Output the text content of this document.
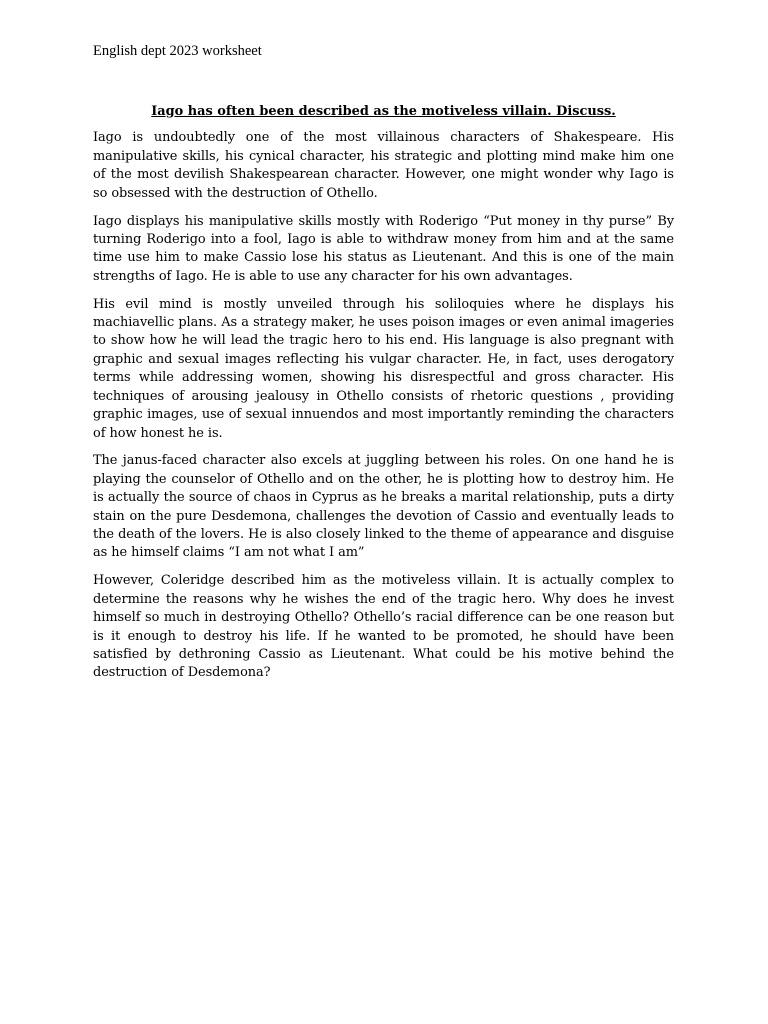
English dept 2023 worksheet
Iago has often been described as the motiveless villain. Discuss.

Iago is undoubtedly one of the most villainous characters of Shakespeare. His manipulative skills, his cynical character, his strategic and plotting mind make him one of the most devilish Shakespearean character. However, one might wonder why Iago is so obsessed with the destruction of Othello.

Iago displays his manipulative skills mostly with Roderigo “Put money in thy purse” By turning Roderigo into a fool, Iago is able to withdraw money from him and at the same time use him to make Cassio lose his status as Lieutenant. And this is one of the main strengths of Iago. He is able to use any character for his own advantages.

His evil mind is mostly unveiled through his soliloquies where he displays his machiavellic plans. As a strategy maker, he uses poison images or even animal imageries to show how he will lead the tragic hero to his end. His language is also pregnant with graphic and sexual images reflecting his vulgar character. He, in fact, uses derogatory terms while addressing women, showing his disrespectful and gross character. His techniques of arousing jealousy in Othello consists of rhetoric questions , providing graphic images, use of sexual innuendos and most importantly reminding the characters of how honest he is.

The janus-faced character also excels at juggling between his roles. On one hand he is playing the counselor of Othello and on the other, he is plotting how to destroy him. He is actually the source of chaos in Cyprus as he breaks a marital relationship, puts a dirty stain on the pure Desdemona, challenges the devotion of Cassio and eventually leads to the death of the lovers. He is also closely linked to the theme of appearance and disguise as he himself claims “I am not what I am”

However, Coleridge described him as the motiveless villain. It is actually complex to determine the reasons why he wishes the end of the tragic hero. Why does he invest himself so much in destroying Othello? Othello’s racial difference can be one reason but is it enough to destroy his life. If he wanted to be promoted, he should have been satisfied by dethroning Cassio as Lieutenant. What could be his motive behind the destruction of Desdemona?
